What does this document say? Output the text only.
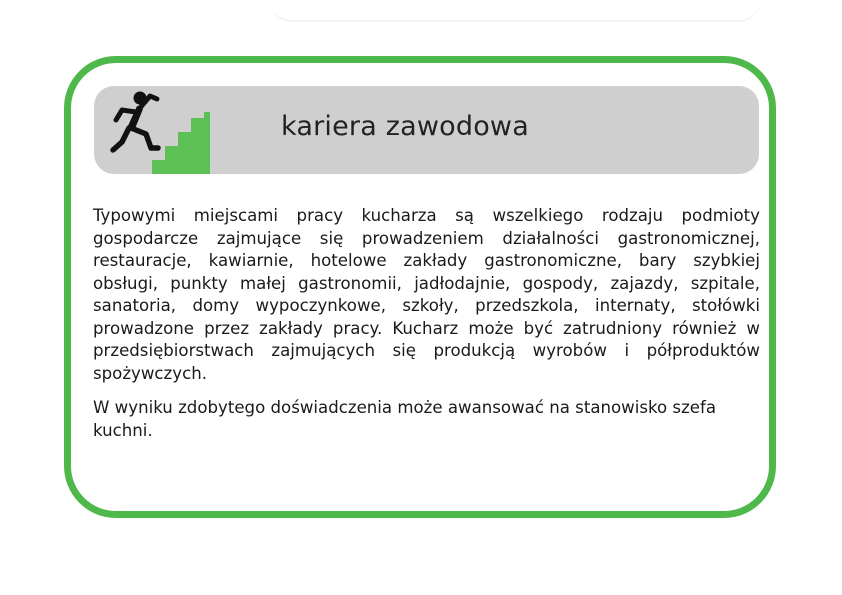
kariera zawodowa

Typowymi miejscami pracy kucharza są wszelkiego rodzaju podmioty gospodarcze zajmujące się prowadzeniem działalności gastronomicznej, restauracje, kawiarnie, hotelowe zakłady gastronomiczne, bary szybkiej obsługi, punkty małej gastronomii, jadłodajnie, gospody, zajazdy, szpitale, sanatoria, domy wypoczynkowe, szkoły, przedszkola, internaty, stołówki prowadzone przez zakłady pracy. Kucharz może być zatrudniony również w przedsiębiorstwach zajmujących się produkcją wyrobów i półproduktów spożywczych.

W wyniku zdobytego doświadczenia może awansować na stanowisko szefa kuchni.
